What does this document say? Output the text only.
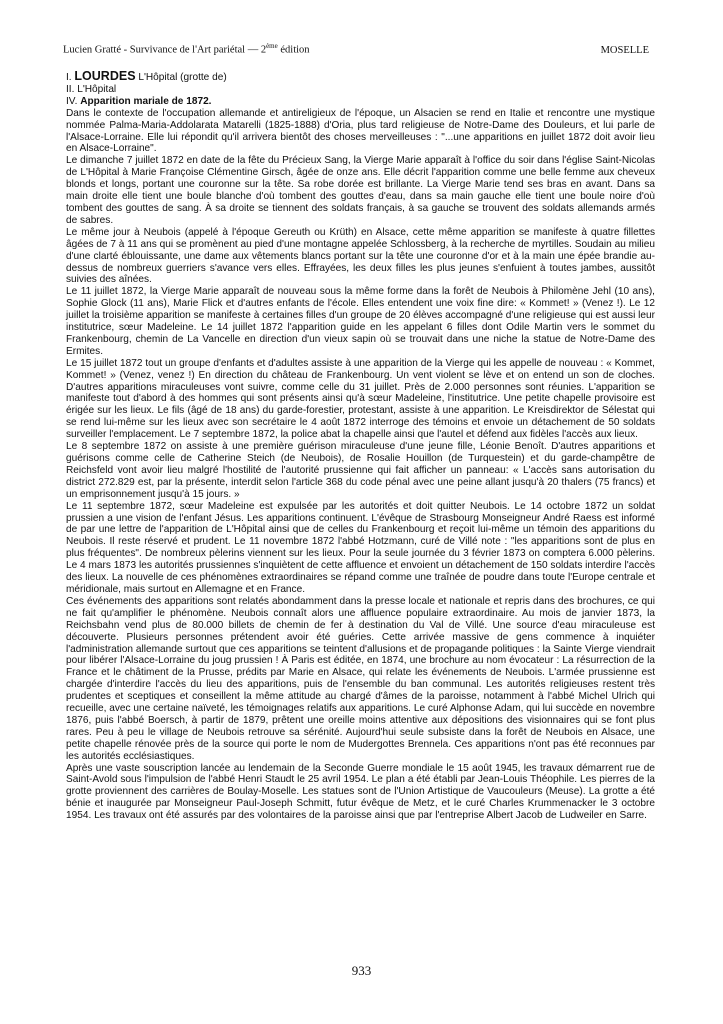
Lucien Gratté - Survivance de l'Art pariétal — 2ème édition	MOSELLE

I. LOURDES L'Hôpital (grotte de)

II. L'Hôpital

IV. Apparition mariale de 1872.

Dans le contexte de l'occupation allemande et antireligieux de l'époque, un Alsacien se rend en Italie et rencontre une mystique nommée Palma-Maria-Addolarata Matarelli (1825-1888) d'Oria, plus tard religieuse de Notre-Dame des Douleurs, et lui parle de l'Alsace-Lorraine. Elle lui répondit qu'il arrivera bientôt des choses merveilleuses : "...une apparitions en juillet 1872 doit avoir lieu en Alsace-Lorraine".

Le dimanche 7 juillet 1872 en date de la fête du Précieux Sang, la Vierge Marie apparaît à l'office du soir dans l'église Saint-Nicolas de L'Hôpital à Marie Françoise Clémentine Girsch, âgée de onze ans. Elle décrit l'apparition comme une belle femme aux cheveux blonds et longs, portant une couronne sur la tête. Sa robe dorée est brillante. La Vierge Marie tend ses bras en avant. Dans sa main droite elle tient une boule blanche d'où tombent des gouttes d'eau, dans sa main gauche elle tient une boule noire d'où tombent des gouttes de sang. À sa droite se tiennent des soldats français, à sa gauche se trouvent des soldats allemands armés de sabres.

Le même jour à Neubois (appelé à l'époque Gereuth ou Krüth) en Alsace, cette même apparition se manifeste à quatre fillettes âgées de 7 à 11 ans qui se promènent au pied d'une montagne appelée Schlossberg, à la recherche de myrtilles. Soudain au milieu d'une clarté éblouissante, une dame aux vêtements blancs portant sur la tête une couronne d'or et à la main une épée brandie au-dessus de nombreux guerriers s'avance vers elles. Effrayées, les deux filles les plus jeunes s'enfuient à toutes jambes, aussitôt suivies des aînées.

Le 11 juillet 1872, la Vierge Marie apparaît de nouveau sous la même forme dans la forêt de Neubois à Philomène Jehl (10 ans), Sophie Glock (11 ans), Marie Flick et d'autres enfants de l'école. Elles entendent une voix fine dire: « Kommet! » (Venez !). Le 12 juillet la troisième apparition se manifeste à certaines filles d'un groupe de 20 élèves accompagné d'une religieuse qui est aussi leur institutrice, sœur Madeleine. Le 14 juillet 1872 l'apparition guide en les appelant 6 filles dont Odile Martin vers le sommet du Frankenbourg, chemin de La Vancelle en direction d'un vieux sapin où se trouvait dans une niche la statue de Notre-Dame des Ermites.

Le 15 juillet 1872 tout un groupe d'enfants et d'adultes assiste à une apparition de la Vierge qui les appelle de nouveau : « Kommet, Kommet! » (Venez, venez !) En direction du château de Frankenbourg. Un vent violent se lève et on entend un son de cloches. D'autres apparitions miraculeuses vont suivre, comme celle du 31 juillet. Près de 2.000 personnes sont réunies. L'apparition se manifeste tout d'abord à des hommes qui sont présents ainsi qu'à sœur Madeleine, l'institutrice. Une petite chapelle provisoire est érigée sur les lieux. Le fils (âgé de 18 ans) du garde-forestier, protestant, assiste à une apparition. Le Kreisdirektor de Sélestat qui se rend lui-même sur les lieux avec son secrétaire le 4 août 1872 interroge des témoins et envoie un détachement de 50 soldats surveiller l'emplacement. Le 7 septembre 1872, la police abat la chapelle ainsi que l'autel et défend aux fidèles l'accès aux lieux.

Le 8 septembre 1872 on assiste à une première guérison miraculeuse d'une jeune fille, Léonie Benoît. D'autres apparitions et guérisons comme celle de Catherine Steich (de Neubois), de Rosalie Houillon (de Turquestein) et du garde-champêtre de Reichsfeld vont avoir lieu malgré l'hostilité de l'autorité prussienne qui fait afficher un panneau: « L'accès sans autorisation du district 272.829 est, par la présente, interdit selon l'article 368 du code pénal avec une peine allant jusqu'à 20 thalers (75 francs) et un emprisonnement jusqu'à 15 jours. »

Le 11 septembre 1872, sœur Madeleine est expulsée par les autorités et doit quitter Neubois. Le 14 octobre 1872 un soldat prussien a une vision de l'enfant Jésus. Les apparitions continuent. L'évêque de Strasbourg Monseigneur André Raess est informé de par une lettre de l'apparition de L'Hôpital ainsi que de celles du Frankenbourg et reçoit lui-même un témoin des apparitions du Neubois. Il reste réservé et prudent. Le 11 novembre 1872 l'abbé Hotzmann, curé de Villé note : "les apparitions sont de plus en plus fréquentes". De nombreux pèlerins viennent sur les lieux. Pour la seule journée du 3 février 1873 on comptera 6.000 pèlerins. Le 4 mars 1873 les autorités prussiennes s'inquiètent de cette affluence et envoient un détachement de 150 soldats interdire l'accès des lieux. La nouvelle de ces phénomènes extraordinaires se répand comme une traînée de poudre dans toute l'Europe centrale et méridionale, mais surtout en Allemagne et en France.

Ces événements des apparitions sont relatés abondamment dans la presse locale et nationale et repris dans des brochures, ce qui ne fait qu'amplifier le phénomène. Neubois connaît alors une affluence populaire extraordinaire. Au mois de janvier 1873, la Reichsbahn vend plus de 80.000 billets de chemin de fer à destination du Val de Villé. Une source d'eau miraculeuse est découverte. Plusieurs personnes prétendent avoir été guéries. Cette arrivée massive de gens commence à inquiéter l'administration allemande surtout que ces apparitions se teintent d'allusions et de propagande politiques : la Sainte Vierge viendrait pour libérer l'Alsace-Lorraine du joug prussien ! À Paris est éditée, en 1874, une brochure au nom évocateur : La résurrection de la France et le châtiment de la Prusse, prédits par Marie en Alsace, qui relate les événements de Neubois. L'armée prussienne est chargée d'interdire l'accès du lieu des apparitions, puis de l'ensemble du ban communal. Les autorités religieuses restent très prudentes et sceptiques et conseillent la même attitude au chargé d'âmes de la paroisse, notamment à l'abbé Michel Ulrich qui recueille, avec une certaine naïveté, les témoignages relatifs aux apparitions. Le curé Alphonse Adam, qui lui succède en novembre 1876, puis l'abbé Boersch, à partir de 1879, prêtent une oreille moins attentive aux dépositions des visionnaires qui se font plus rares. Peu à peu le village de Neubois retrouve sa sérénité. Aujourd'hui seule subsiste dans la forêt de Neubois en Alsace, une petite chapelle rénovée près de la source qui porte le nom de Mudergottes Brennela. Ces apparitions n'ont pas été reconnues par les autorités ecclésiastiques.

Après une vaste souscription lancée au lendemain de la Seconde Guerre mondiale le 15 août 1945, les travaux démarrent rue de Saint-Avold sous l'impulsion de l'abbé Henri Staudt le 25 avril 1954. Le plan a été établi par Jean-Louis Théophile. Les pierres de la grotte proviennent des carrières de Boulay-Moselle. Les statues sont de l'Union Artistique de Vaucouleurs (Meuse). La grotte a été bénie et inaugurée par Monseigneur Paul-Joseph Schmitt, futur évêque de Metz, et le curé Charles Krummenacker le 3 octobre 1954. Les travaux ont été assurés par des volontaires de la paroisse ainsi que par l'entreprise Albert Jacob de Ludweiler en Sarre.

933
